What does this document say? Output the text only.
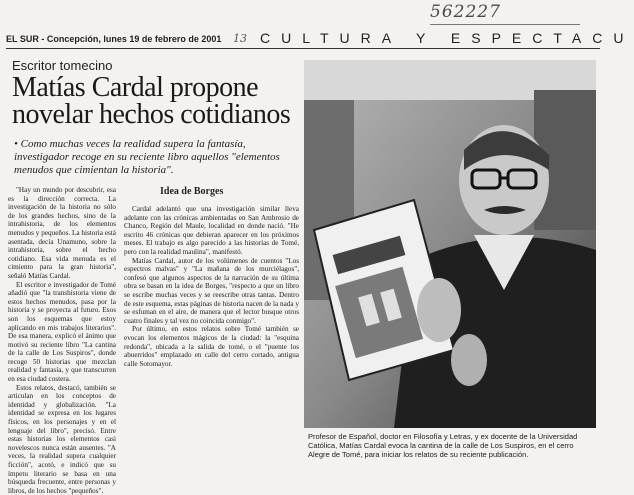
562227
EL SUR - Concepción, lunes 19 de febrero de 2001 13 CULTURA Y ESPECTACU
Escritor tomecino
Matías Cardal propone novelar hechos cotidianos
• Como muchas veces la realidad supera la fantasía, investigador recoge en su reciente libro aquellos "elementos menudos que cimientan la historia".

"Hay un mundo por descubrir, esa es la dirección correcta. La investigación de la historia no sólo de los grandes hechos, sino de la intrahistoria, de los elementos menudos y pequeños. La historia está asentada, decía Unamuno, sobre la intrahistoria, sobre el hecho cotidiano. Esa vida menuda es el cimiento para la gran historia", señaló Matías Cardal.

El escritor e investigador de Tomé añadió que "la transhistoria viene de estos hechos menudos, pasa por la historia y se proyecta al futuro. Esos son los esquemas que estoy aplicando en mis trabajos literarios". De esa manera, explicó el ánimo que motivó su reciente libro "La cantina de la calle de Los Suspiros", donde recoge 50 historias que mezclan realidad y fantasía, y que transcurren en esa ciudad costera.

Estos relatos, destacó, también se articulan en los conceptos de identidad y globalización. "La identidad se expresa en los lugares físicos, en los personajes y en el lenguaje del libro", precisó. Entre estas historias los elementos casi novelescos nunca están ausentes. "A veces, la realidad supera cualquier ficción", acotó, e indicó que su ímpetu literario se basa en una búsqueda frecuente, entre personas y libros, de los hechos "pequeños".

Idea de Borges

Cardal adelantó que una investigación similar lleva adelante con las crónicas ambientadas en San Ambrosio de Chanco, Región del Maule, localidad en donde nació. "He escrito 46 crónicas que debieran aparecer en los próximos meses. El trabajo es algo parecido a las historias de Tomé, pero con la realidad maulina", manifestó.

Matías Cardal, autor de los volúmenes de cuentos "Los espectros malvas" y "La mañana de los murciélagos", confesó que algunos aspectos de la narración de su última obra se basan en la idea de Borges, "respecto a que un libro se escribe muchas veces y se reescribe otras tantas. Dentro de este esquema, estas páginas de historia nacen de la nada y se esfuman en el aire, de manera que el lector busque otros cuatro finales y tal vez no coincida conmigo".

Por último, en estos relatos sobre Tomé también se evocan los elementos mágicos de la ciudad: la "esquina redonda", ubicada a la salida de tomé, o el "puente los abuerridos" emplazado en calle del cerro cortado, antigua calle Sotomayor.

Profesor de Español, doctor en Filosofía y Letras, y ex docente de la Universidad Católica, Matías Cardal evoca la cantina de la calle de Los Suspiros, en el cerro Alegre de Tomé, para iniciar los relatos de su reciente publicación.
